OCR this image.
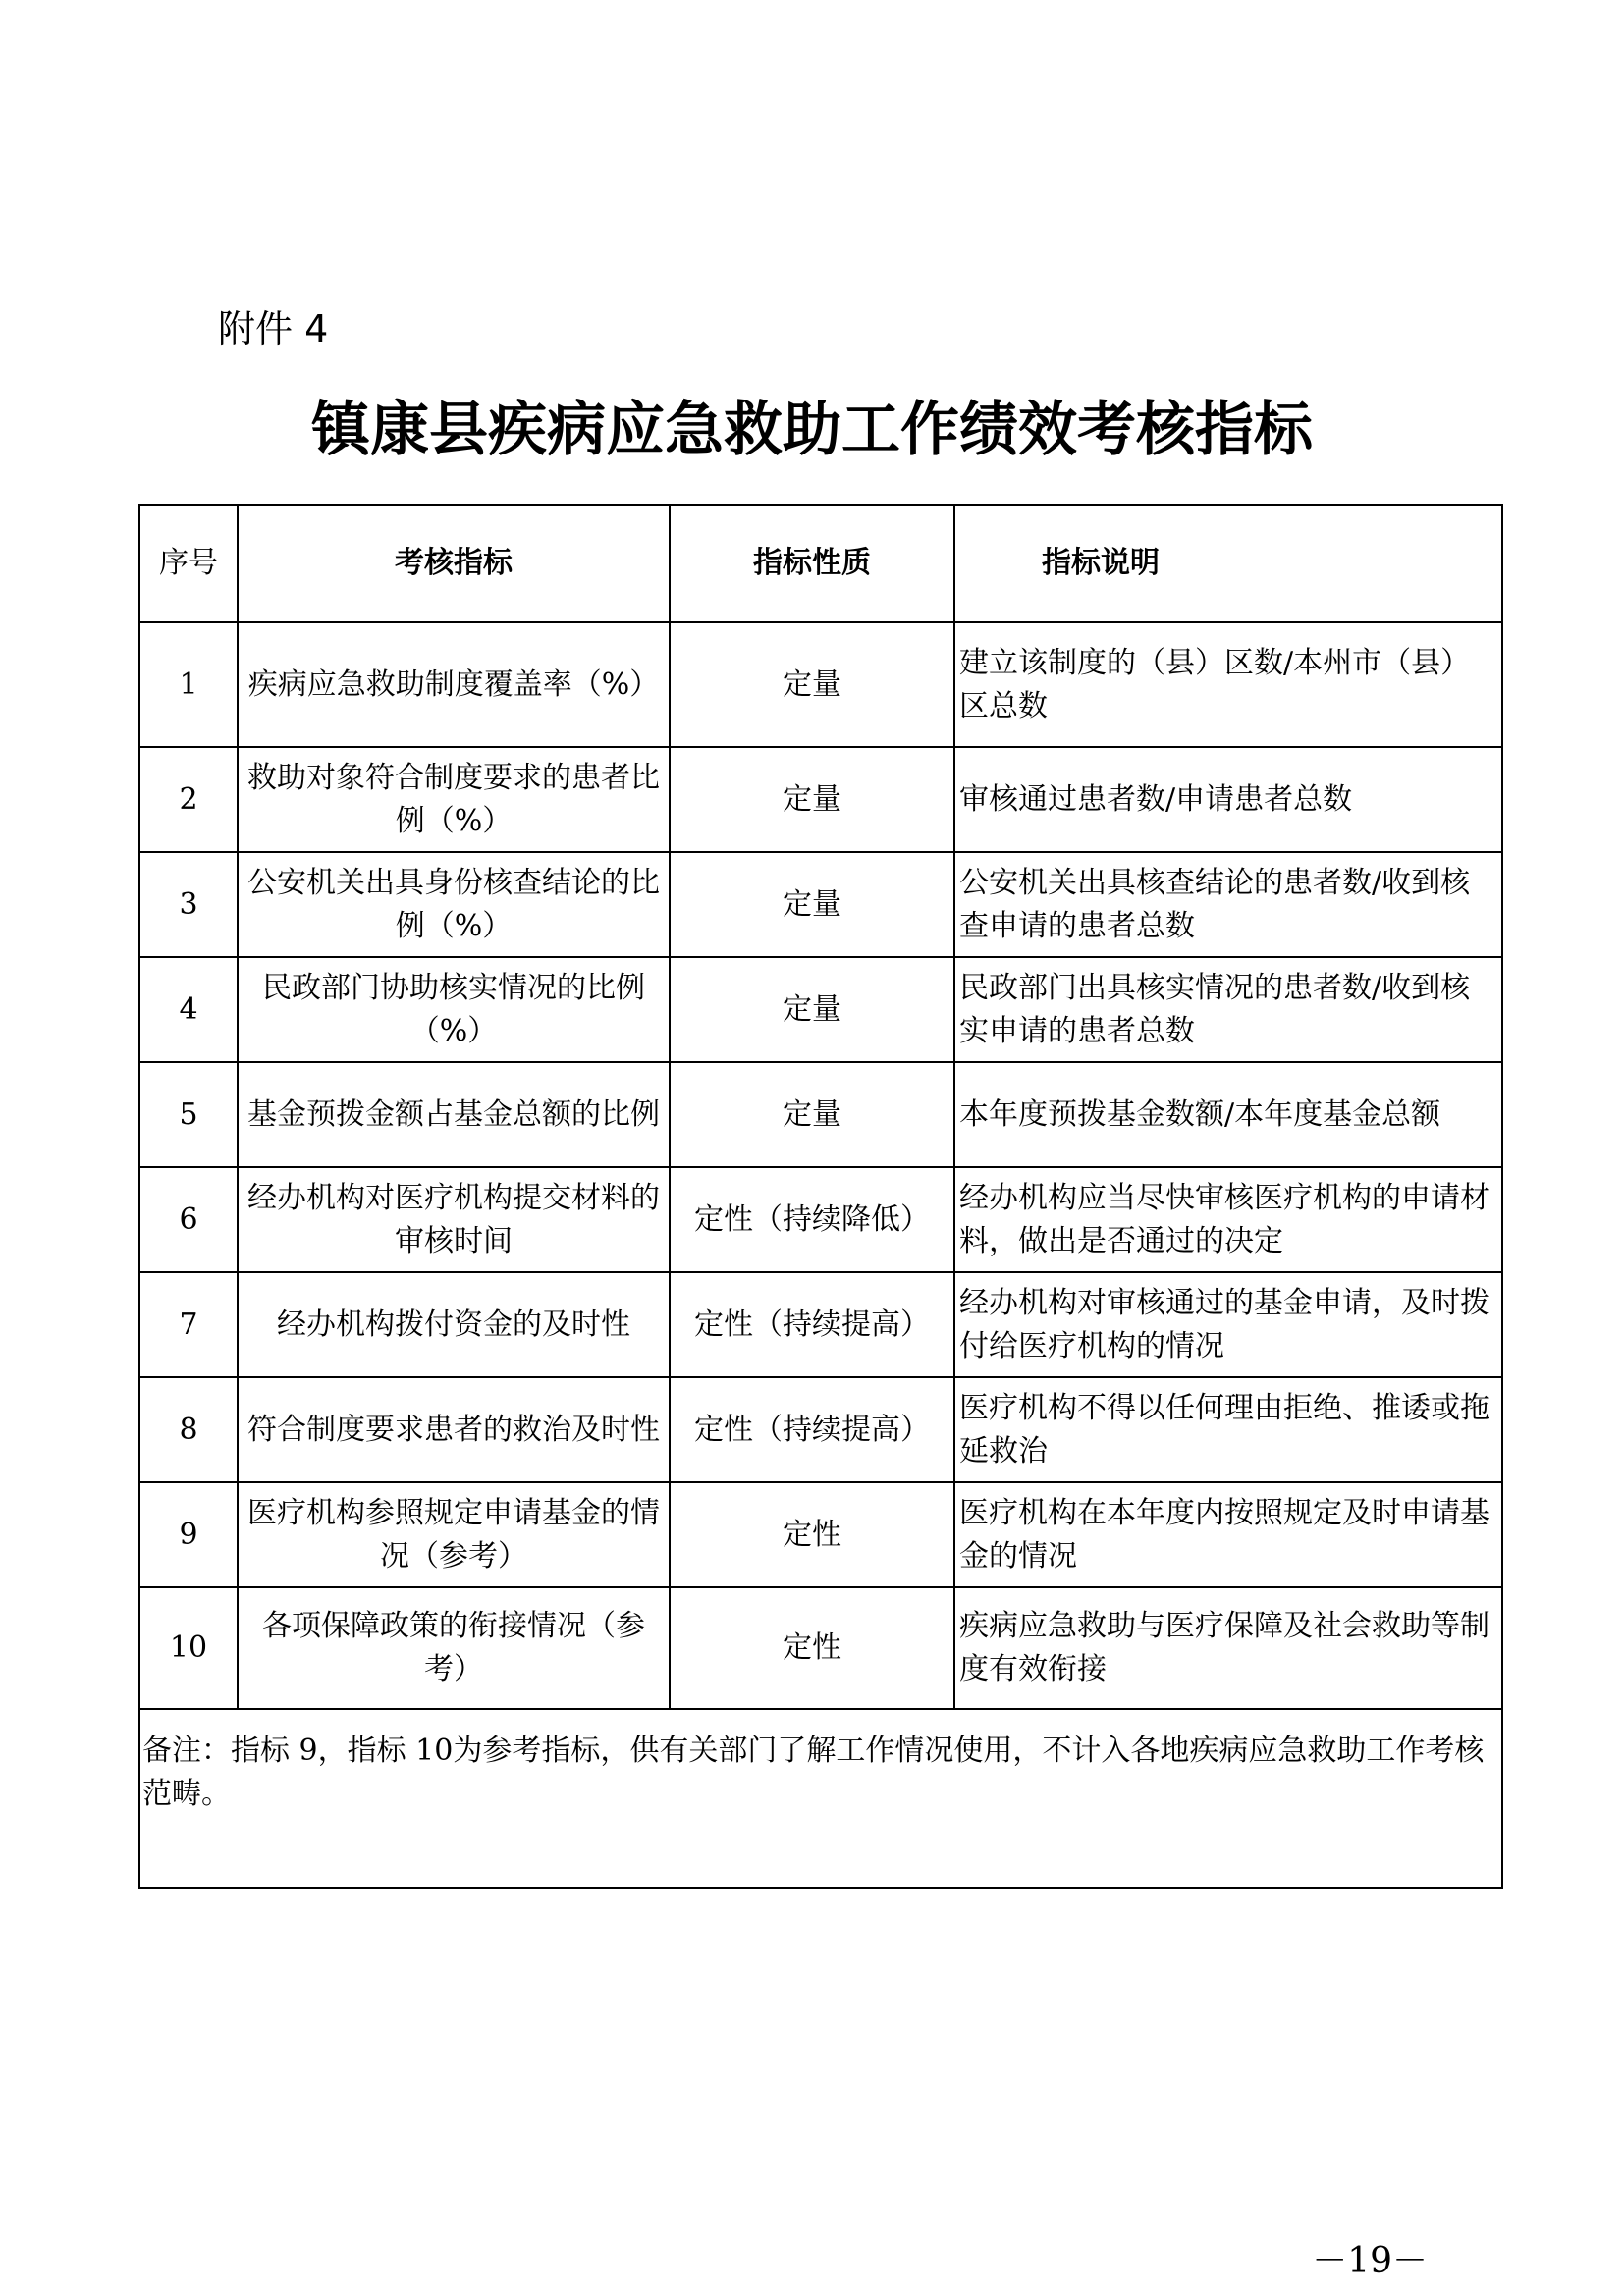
附件 4
镇康县疾病应急救助工作绩效考核指标
序号	考核指标	指标性质	指标说明
1	疾病应急救助制度覆盖率（%）	定量	建立该制度的（县）区数/本州市（县）区总数
2	救助对象符合制度要求的患者比例（%）	定量	审核通过患者数/申请患者总数
3	公安机关出具身份核查结论的比例（%）	定量	公安机关出具核查结论的患者数/收到核查申请的患者总数
4	民政部门协助核实情况的比例（%）	定量	民政部门出具核实情况的患者数/收到核实申请的患者总数
5	基金预拨金额占基金总额的比例	定量	本年度预拨基金数额/本年度基金总额
6	经办机构对医疗机构提交材料的审核时间	定性（持续降低）	经办机构应当尽快审核医疗机构的申请材料，做出是否通过的决定
7	经办机构拨付资金的及时性	定性（持续提高）	经办机构对审核通过的基金申请，及时拨付给医疗机构的情况
8	符合制度要求患者的救治及时性	定性（持续提高）	医疗机构不得以任何理由拒绝、推诿或拖延救治
9	医疗机构参照规定申请基金的情况（参考）	定性	医疗机构在本年度内按照规定及时申请基金的情况
10	各项保障政策的衔接情况（参考）	定性	疾病应急救助与医疗保障及社会救助等制度有效衔接
备注：指标 9，指标 10为参考指标，供有关部门了解工作情况使用，不计入各地疾病应急救助工作考核范畴。			
－19－
